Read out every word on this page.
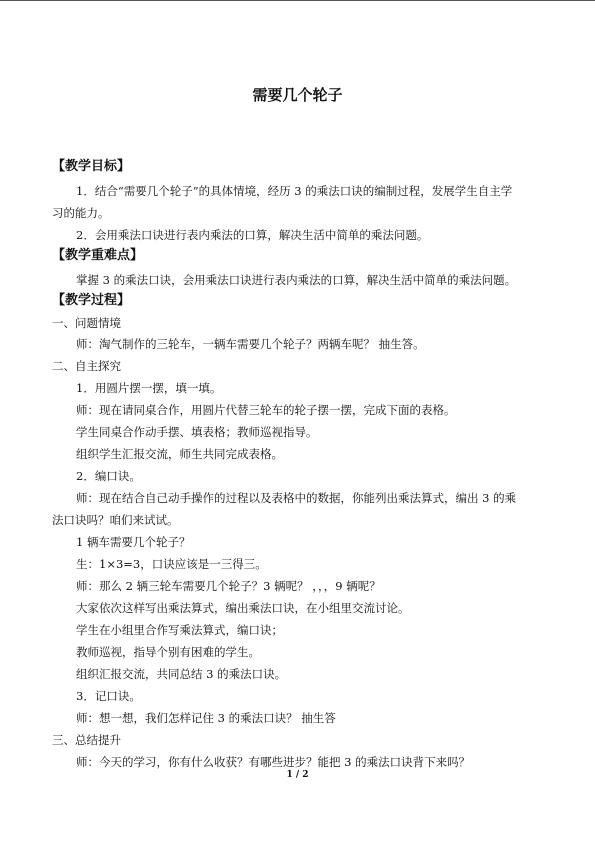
需要几个轮子
【教学目标】
1．结合“需要几个轮子”的具体情境，经历 3 的乘法口诀的编制过程，发展学生自主学
习的能力。
2．会用乘法口诀进行表内乘法的口算，解决生活中简单的乘法问题。
【教学重难点】
掌握 3 的乘法口诀，会用乘法口诀进行表内乘法的口算，解决生活中简单的乘法问题。
【教学过程】
一、问题情境
师：淘气制作的三轮车，一辆车需要几个轮子？两辆车呢？ 抽生答。
二、自主探究
1．用圆片摆一摆，填一填。
师：现在请同桌合作，用圆片代替三轮车的轮子摆一摆，完成下面的表格。
学生同桌合作动手摆、填表格；教师巡视指导。
组织学生汇报交流，师生共同完成表格。
2．编口诀。
师：现在结合自己动手操作的过程以及表格中的数据，你能列出乘法算式，编出 3 的乘
法口诀吗？咱们来试试。
1 辆车需要几个轮子？
生：1×3=3，口诀应该是一三得三。
师：那么 2 辆三轮车需要几个轮子？3 辆呢？ ，，，9 辆呢？
大家依次这样写出乘法算式，编出乘法口诀，在小组里交流讨论。
学生在小组里合作写乘法算式，编口诀；
教师巡视，指导个别有困难的学生。
组织汇报交流，共同总结 3 的乘法口诀。
3．记口诀。
师：想一想，我们怎样记住 3 的乘法口诀？ 抽生答
三、总结提升
师：今天的学习，你有什么收获？有哪些进步？能把 3 的乘法口诀背下来吗？
1 / 2
